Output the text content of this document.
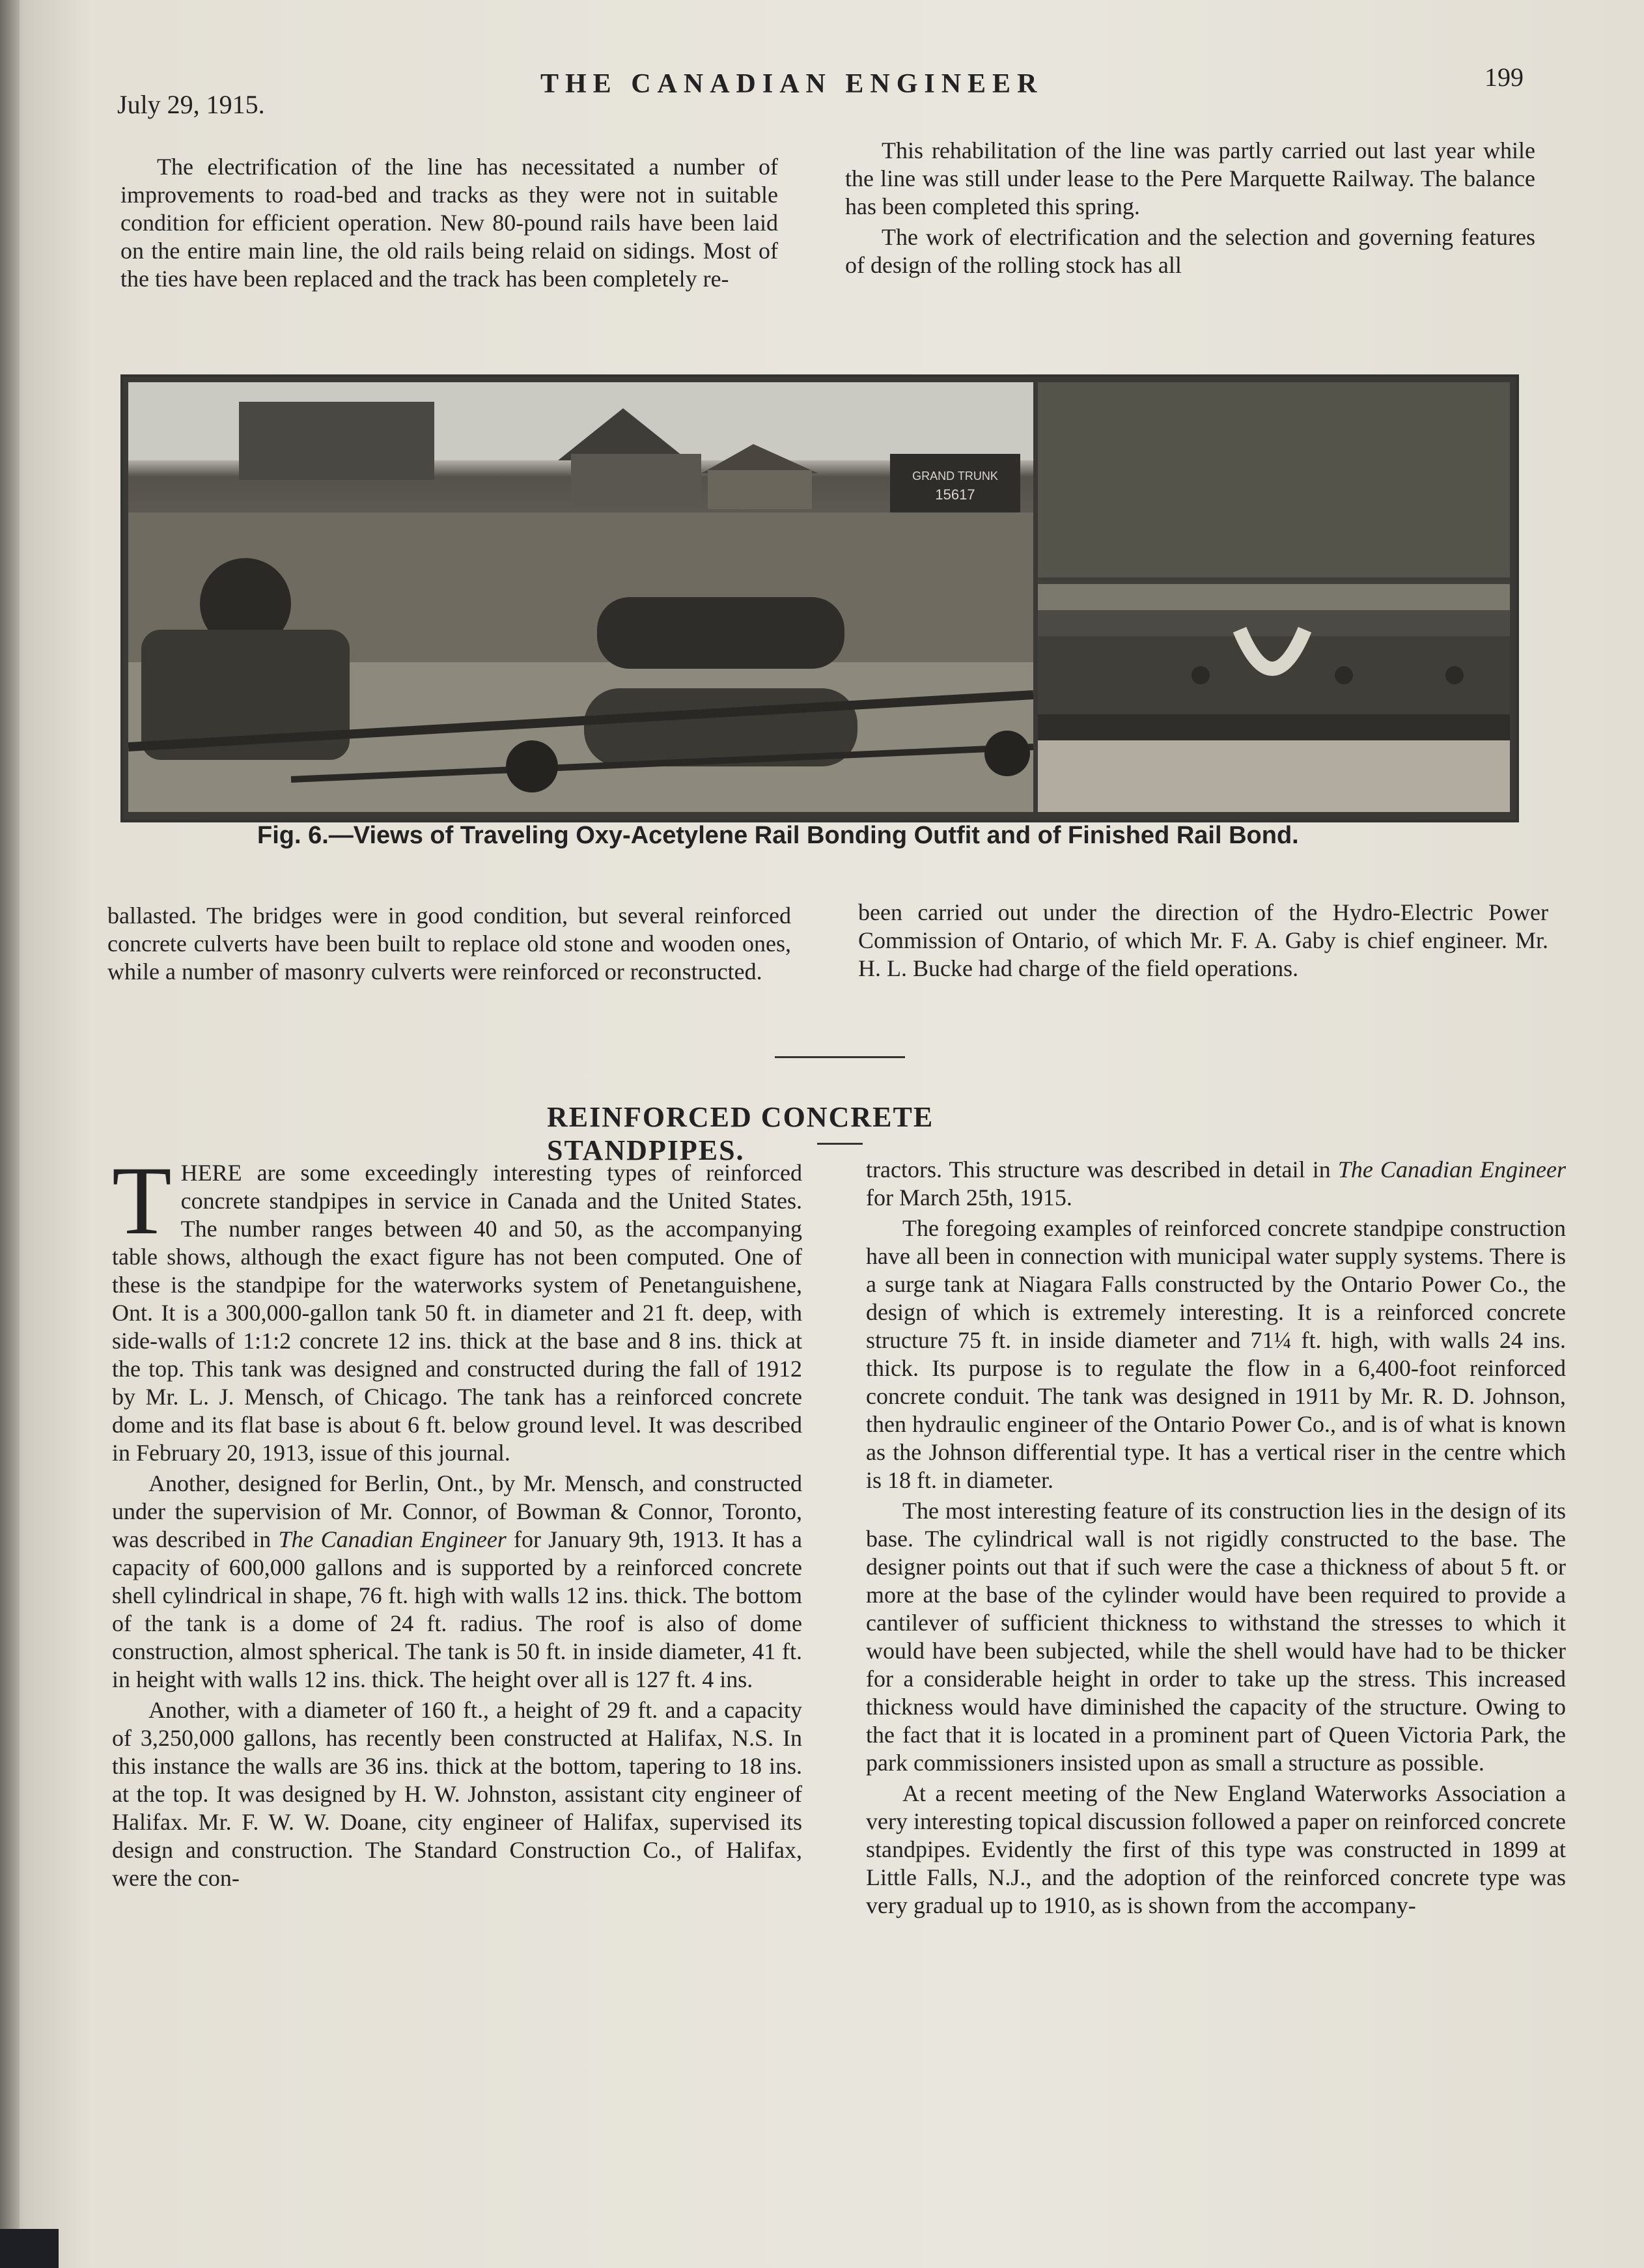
July 29, 1915.
THE CANADIAN ENGINEER	199

The electrification of the line has necessitated a number of improvements to road-bed and tracks as they were not in suitable condition for efficient operation. New 80-pound rails have been laid on the entire main line, the old rails being relaid on sidings. Most of the ties have been replaced and the track has been completely re-

This rehabilitation of the line was partly carried out last year while the line was still under lease to the Pere Marquette Railway. The balance has been completed this spring.

The work of electrification and the selection and governing features of design of the rolling stock has all

GRAND TRUNK
15617
Fig. 6.—Views of Traveling Oxy-Acetylene Rail Bonding Outfit and of Finished Rail Bond.

ballasted. The bridges were in good condition, but several reinforced concrete culverts have been built to replace old stone and wooden ones, while a number of masonry culverts were reinforced or reconstructed.

been carried out under the direction of the Hydro-Electric Power Commission of Ontario, of which Mr. F. A. Gaby is chief engineer. Mr. H. L. Bucke had charge of the field operations.

REINFORCED CONCRETE STANDPIPES.

THERE are some exceedingly interesting types of reinforced concrete standpipes in service in Canada and the United States. The number ranges between 40 and 50, as the accompanying table shows, although the exact figure has not been computed. One of these is the standpipe for the waterworks system of Penetanguishene, Ont. It is a 300,000-gallon tank 50 ft. in diameter and 21 ft. deep, with side-walls of 1:1:2 concrete 12 ins. thick at the base and 8 ins. thick at the top. This tank was designed and constructed during the fall of 1912 by Mr. L. J. Mensch, of Chicago. The tank has a reinforced concrete dome and its flat base is about 6 ft. below ground level. It was described in February 20, 1913, issue of this journal.

Another, designed for Berlin, Ont., by Mr. Mensch, and constructed under the supervision of Mr. Connor, of Bowman & Connor, Toronto, was described in The Canadian Engineer for January 9th, 1913. It has a capacity of 600,000 gallons and is supported by a reinforced concrete shell cylindrical in shape, 76 ft. high with walls 12 ins. thick. The bottom of the tank is a dome of 24 ft. radius. The roof is also of dome construction, almost spherical. The tank is 50 ft. in inside diameter, 41 ft. in height with walls 12 ins. thick. The height over all is 127 ft. 4 ins.

Another, with a diameter of 160 ft., a height of 29 ft. and a capacity of 3,250,000 gallons, has recently been constructed at Halifax, N.S. In this instance the walls are 36 ins. thick at the bottom, tapering to 18 ins. at the top. It was designed by H. W. Johnston, assistant city engineer of Halifax. Mr. F. W. W. Doane, city engineer of Halifax, supervised its design and construction. The Standard Construction Co., of Halifax, were the con-

tractors. This structure was described in detail in The Canadian Engineer for March 25th, 1915.

The foregoing examples of reinforced concrete standpipe construction have all been in connection with municipal water supply systems. There is a surge tank at Niagara Falls constructed by the Ontario Power Co., the design of which is extremely interesting. It is a reinforced concrete structure 75 ft. in inside diameter and 71¼ ft. high, with walls 24 ins. thick. Its purpose is to regulate the flow in a 6,400-foot reinforced concrete conduit. The tank was designed in 1911 by Mr. R. D. Johnson, then hydraulic engineer of the Ontario Power Co., and is of what is known as the Johnson differential type. It has a vertical riser in the centre which is 18 ft. in diameter.

The most interesting feature of its construction lies in the design of its base. The cylindrical wall is not rigidly constructed to the base. The designer points out that if such were the case a thickness of about 5 ft. or more at the base of the cylinder would have been required to provide a cantilever of sufficient thickness to withstand the stresses to which it would have been subjected, while the shell would have had to be thicker for a considerable height in order to take up the stress. This increased thickness would have diminished the capacity of the structure. Owing to the fact that it is located in a prominent part of Queen Victoria Park, the park commissioners insisted upon as small a structure as possible.

At a recent meeting of the New England Waterworks Association a very interesting topical discussion followed a paper on reinforced concrete standpipes. Evidently the first of this type was constructed in 1899 at Little Falls, N.J., and the adoption of the reinforced concrete type was very gradual up to 1910, as is shown from the accompany-
